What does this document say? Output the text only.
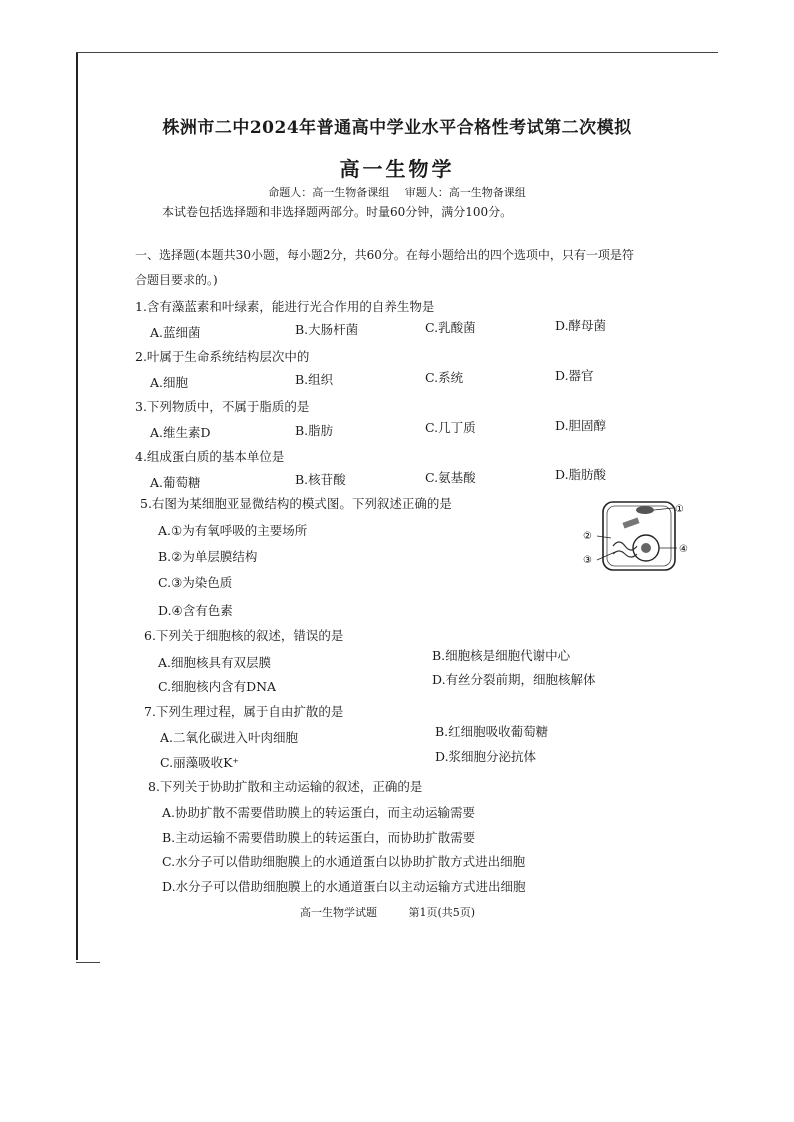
株洲市二中2024年普通高中学业水平合格性考试第二次模拟
高一生物学
命题人：高一生物备课组 审题人：高一生物备课组
本试卷包括选择题和非选择题两部分。时量60分钟，满分100分。
一、选择题(本题共30小题，每小题2分，共60分。在每小题给出的四个选项中，只有一项是符
合题目要求的。)
1.含有藻蓝素和叶绿素，能进行光合作用的自养生物是
A.蓝细菌	B.大肠杆菌	C.乳酸菌	D.酵母菌
2.叶属于生命系统结构层次中的
A.细胞	B.组织	C.系统	D.器官
3.下列物质中，不属于脂质的是
A.维生素D	B.脂肪	C.几丁质	D.胆固醇
4.组成蛋白质的基本单位是
A.葡萄糖	B.核苷酸	C.氨基酸	D.脂肪酸
5.右图为某细胞亚显微结构的模式图。下列叙述正确的是
A.①为有氧呼吸的主要场所
B.②为单层膜结构
C.③为染色质
D.④含有色素
①
②
③
④
6.下列关于细胞核的叙述，错误的是
A.细胞核具有双层膜	B.细胞核是细胞代谢中心
C.细胞核内含有DNA	D.有丝分裂前期，细胞核解体
7.下列生理过程，属于自由扩散的是
A.二氧化碳进入叶肉细胞	B.红细胞吸收葡萄糖
C.丽藻吸收K⁺	D.浆细胞分泌抗体
8.下列关于协助扩散和主动运输的叙述，正确的是
A.协助扩散不需要借助膜上的转运蛋白，而主动运输需要
B.主动运输不需要借助膜上的转运蛋白，而协助扩散需要
C.水分子可以借助细胞膜上的水通道蛋白以协助扩散方式进出细胞
D.水分子可以借助细胞膜上的水通道蛋白以主动运输方式进出细胞
高一生物学试题	第1页(共5页)
